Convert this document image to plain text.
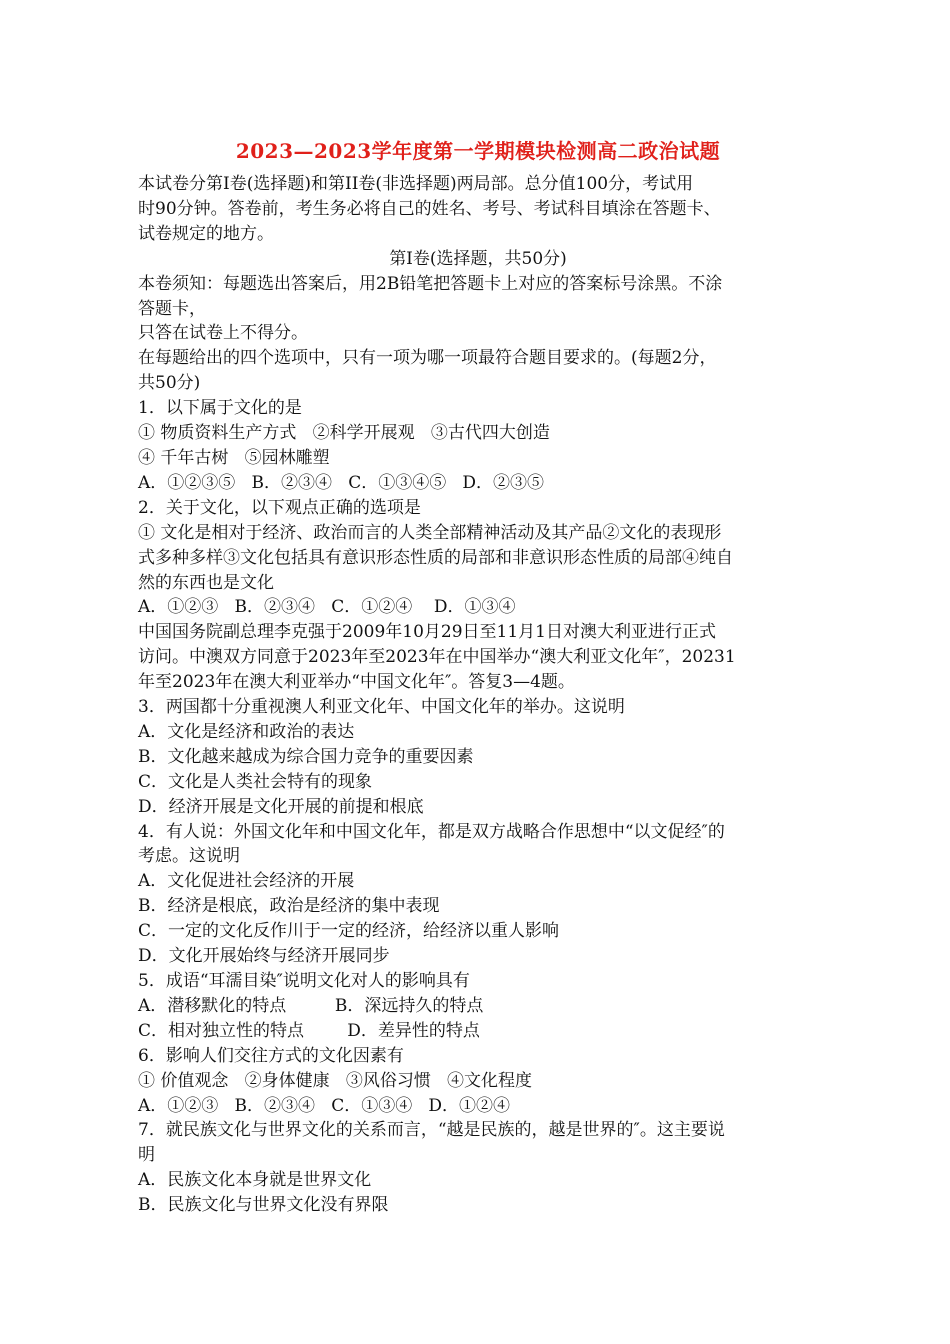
2023—2023学年度第一学期模块检测高二政治试题
本试卷分第I卷(选择题)和第II卷(非选择题)两局部。总分值100分，考试用
时90分钟。答卷前，考生务必将自己的姓名、考号、考试科目填涂在答题卡、
试卷规定的地方。
第I卷(选择题，共50分)
本卷须知：每题选出答案后，用2B铅笔把答题卡上对应的答案标号涂黑。不涂
答题卡，
只答在试卷上不得分。
在每题给出的四个选项中，只有一项为哪一项最符合题目要求的。(每题2分，
共50分)
1．以下属于文化的是
① 物质资料生产方式   ②科学开展观   ③古代四大创造
④ 千年古树   ⑤园林雕塑
A．①②③⑤   B．②③④   C．①③④⑤   D．②③⑤
2．关于文化，以下观点正确的选项是
① 文化是相对于经济、政治而言的人类全部精神活动及其产品②文化的表现形
式多种多样③文化包括具有意识形态性质的局部和非意识形态性质的局部④纯自
然的东西也是文化
A．①②③   B．②③④   C．①②④    D．①③④
中国国务院副总理李克强于2009年10月29日至11月1日对澳大利亚进行正式
访问。中澳双方同意于2023年至2023年在中国举办“澳大利亚文化年″，20231
年至2023年在澳大利亚举办“中国文化年″。答复3—4题。
3．两国都十分重视澳人利亚文化年、中国文化年的举办。这说明
A．文化是经济和政治的表达
B．文化越来越成为综合国力竞争的重要因素
C．文化是人类社会特有的现象
D．经济开展是文化开展的前提和根底
4．有人说：外国文化年和中国文化年，都是双方战略合作思想中“以文促经″的
考虑。这说明
A．文化促进社会经济的开展
B．经济是根底，政治是经济的集中表现
C．一定的文化反作川于一定的经济，给经济以重人影响
D．文化开展始终与经济开展同步
5．成语“耳濡目染″说明文化对人的影响具有
A．潜移默化的特点         B．深远持久的特点
C．相对独立性的特点        D．差异性的特点
6．影响人们交往方式的文化因素有
① 价值观念   ②身体健康   ③风俗习惯   ④文化程度
A．①②③   B．②③④   C．①③④   D．①②④
7．就民族文化与世界文化的关系而言，“越是民族的，越是世界的″。这主要说
明
A．民族文化本身就是世界文化
B．民族文化与世界文化没有界限
